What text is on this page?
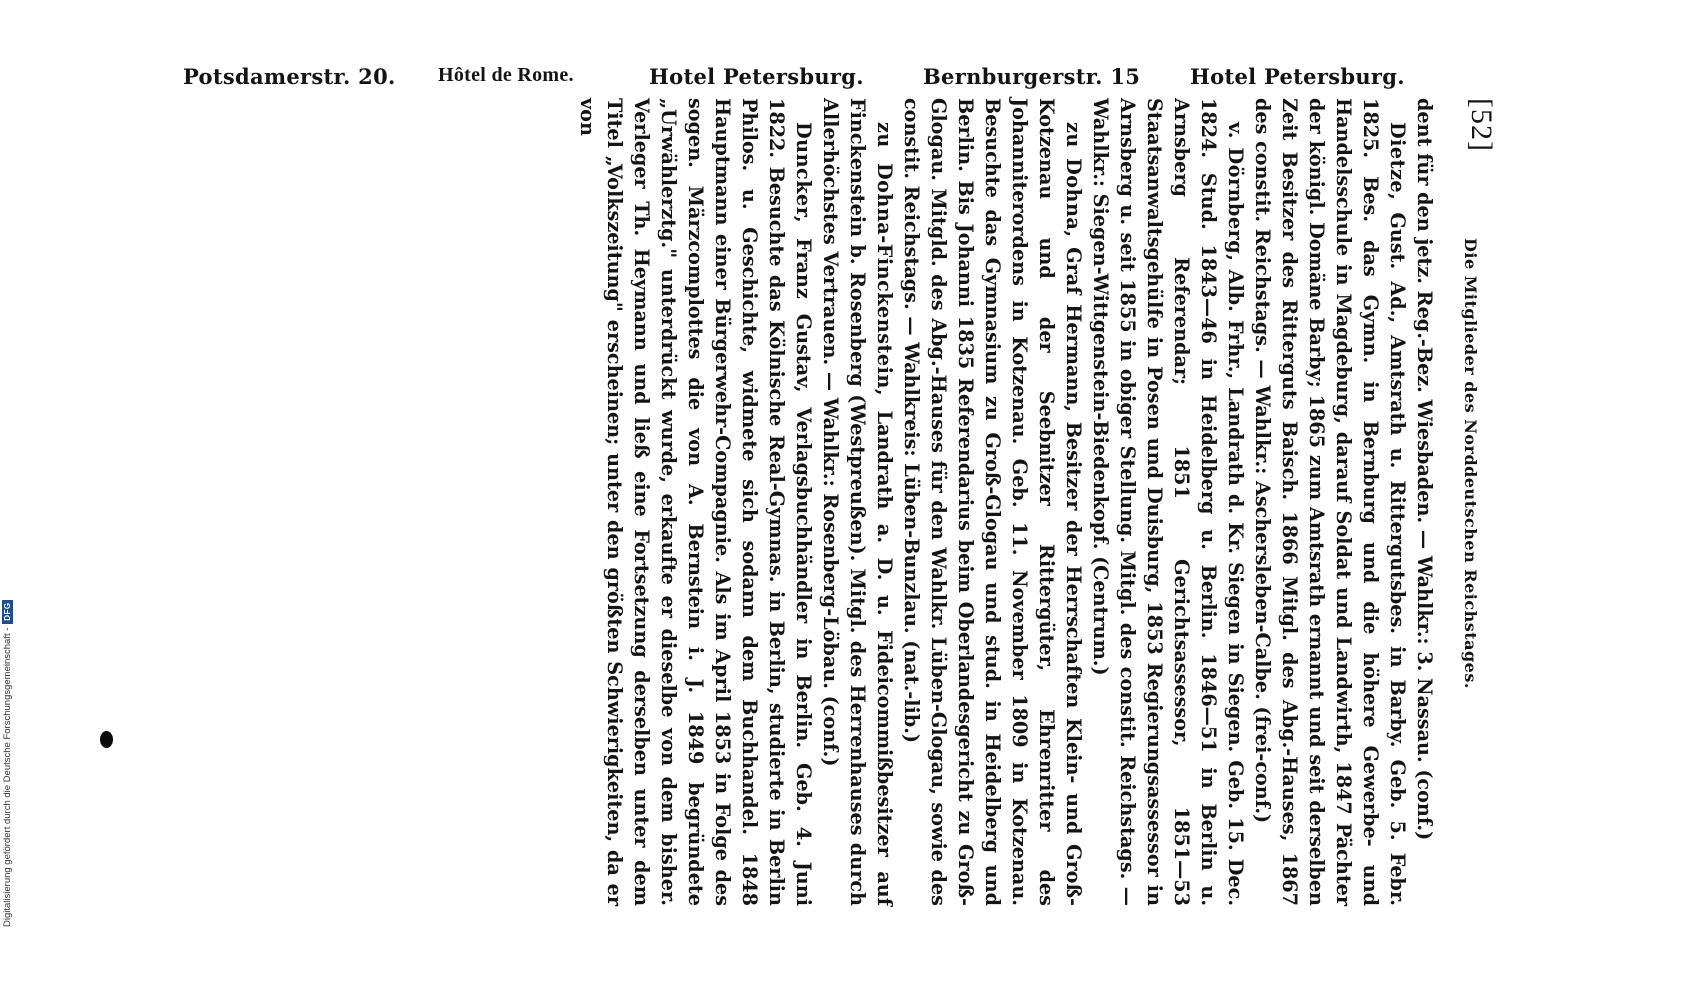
Potsdamerstr. 20. Hôtel de Rome.	Hotel Petersburg.	Bernburgerstr. 15 Hotel Petersburg.
[52]
Die Mitglieder des Norddeutschen Reichstages.

dent für den jetz. Reg.-Bez. Wiesbaden. — Wahlkr.: 3. Nassau. (conf.)

Dietze, Gust. Ad., Amtsrath u. Rittergutsbes. in Barby. Geb. 5. Febr. 1825. Bes. das Gymn. in Bernburg und die höhere Gewerbe- und Handelsschule in Magdeburg, darauf Soldat und Landwirth, 1847 Pächter der königl. Domäne Barby; 1865 zum Amtsrath ernannt und seit derselben Zeit Besitzer des Ritterguts Baisch. 1866 Mitgl. des Abg.-Hauses, 1867 des constit. Reichstags. — Wahlkr.: Aschersleben-Calbe. (frei-conf.)

v. Dörnberg, Alb. Frhr., Landrath d. Kr. Siegen in Siegen. Geb. 15. Dec. 1824. Stud. 1843—46 in Heidelberg u. Berlin. 1846—51 in Berlin u. Arnsberg Referendar; 1851 Gerichtsassessor, 1851—53 Staatsanwaltsgehülfe in Posen und Duisburg, 1853 Regierungsassessor in Arnsberg u. seit 1855 in obiger Stellung. Mitgl. des constit. Reichstags. — Wahlkr.: Siegen-Wittgenstein-Biedenkopf. (Centrum.)

zu Dohna, Graf Hermann, Besitzer der Herrschaften Klein- und Groß-Kotzenau und der Seebnitzer Rittergüter, Ehrenritter des Johanniterordens in Kotzenau. Geb. 11. November 1809 in Kotzenau. Besuchte das Gymnasium zu Groß-Glogau und stud. in Heidelberg und Berlin. Bis Johanni 1835 Referendarius beim Oberlandesgericht zu Groß-Glogau. Mitgld. des Abg.-Hauses für den Wahlkr. Lüben-Glogau, sowie des constit. Reichstags. — Wahlkreis: Lüben-Bunzlau. (nat.-lib.)

zu Dohna-Finckenstein, Landrath a. D. u. Fideicommißbesitzer auf Finckenstein b. Rosenberg (Westpreußen). Mitgl. des Herrenhauses durch Allerhöchstes Vertrauen. — Wahlkr.: Rosenberg-Löbau. (conf.)

Duncker, Franz Gustav, Verlagsbuchhändler in Berlin. Geb. 4. Juni 1822. Besuchte das Kölnische Real-Gymnas. in Berlin, studierte in Berlin Philos. u. Geschichte, widmete sich sodann dem Buchhandel. 1848 Hauptmann einer Bürgerwehr-Compagnie. Als im April 1853 in Folge des sogen. Märzcomplottes die von A. Bernstein i. J. 1849 begründete „Urwählerztg." unterdrückt wurde, erkaufte er dieselbe von dem bisher. Verleger Th. Heymann und ließ eine Fortsetzung derselben unter dem Titel „Volkszeitung" erscheinen; unter den größten Schwierigkeiten, da er von

Digitalisierung gefördert durch die Deutsche Forschungsgemeinschaft -
DFG
